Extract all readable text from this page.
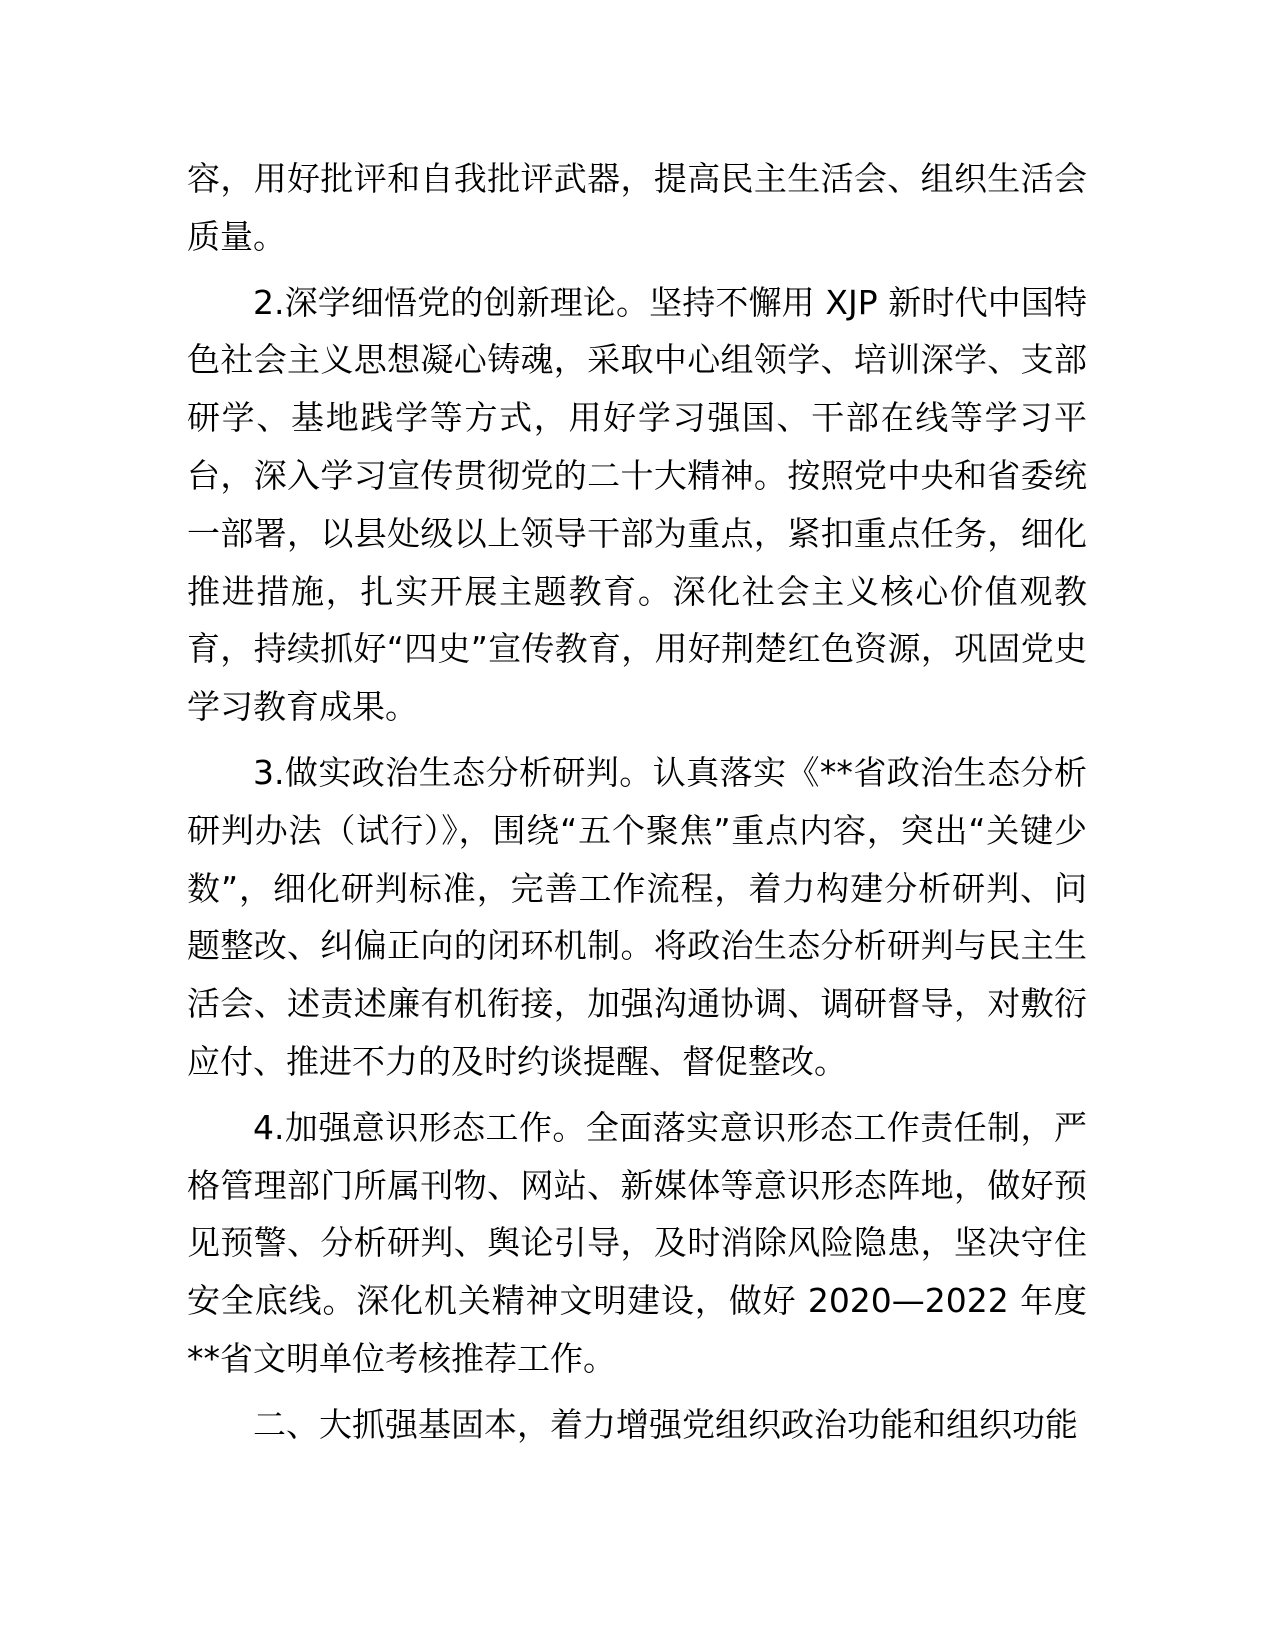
容，用好批评和自我批评武器，提高民主生活会、组织生活会质量。

2.深学细悟党的创新理论。坚持不懈用 XJP 新时代中国特色社会主义思想凝心铸魂，采取中心组领学、培训深学、支部研学、基地践学等方式，用好学习强国、干部在线等学习平台，深入学习宣传贯彻党的二十大精神。按照党中央和省委统一部署，以县处级以上领导干部为重点，紧扣重点任务，细化推进措施，扎实开展主题教育。深化社会主义核心价值观教育，持续抓好“四史”宣传教育，用好荆楚红色资源，巩固党史学习教育成果。

3.做实政治生态分析研判。认真落实《**省政治生态分析研判办法（试行）》，围绕“五个聚焦”重点内容，突出“关键少数”，细化研判标准，完善工作流程，着力构建分析研判、问题整改、纠偏正向的闭环机制。将政治生态分析研判与民主生活会、述责述廉有机衔接，加强沟通协调、调研督导，对敷衍应付、推进不力的及时约谈提醒、督促整改。

4.加强意识形态工作。全面落实意识形态工作责任制，严格管理部门所属刊物、网站、新媒体等意识形态阵地，做好预见预警、分析研判、舆论引导，及时消除风险隐患，坚决守住安全底线。深化机关精神文明建设，做好 2020—2022 年度**省文明单位考核推荐工作。

二、大抓强基固本，着力增强党组织政治功能和组织功能
